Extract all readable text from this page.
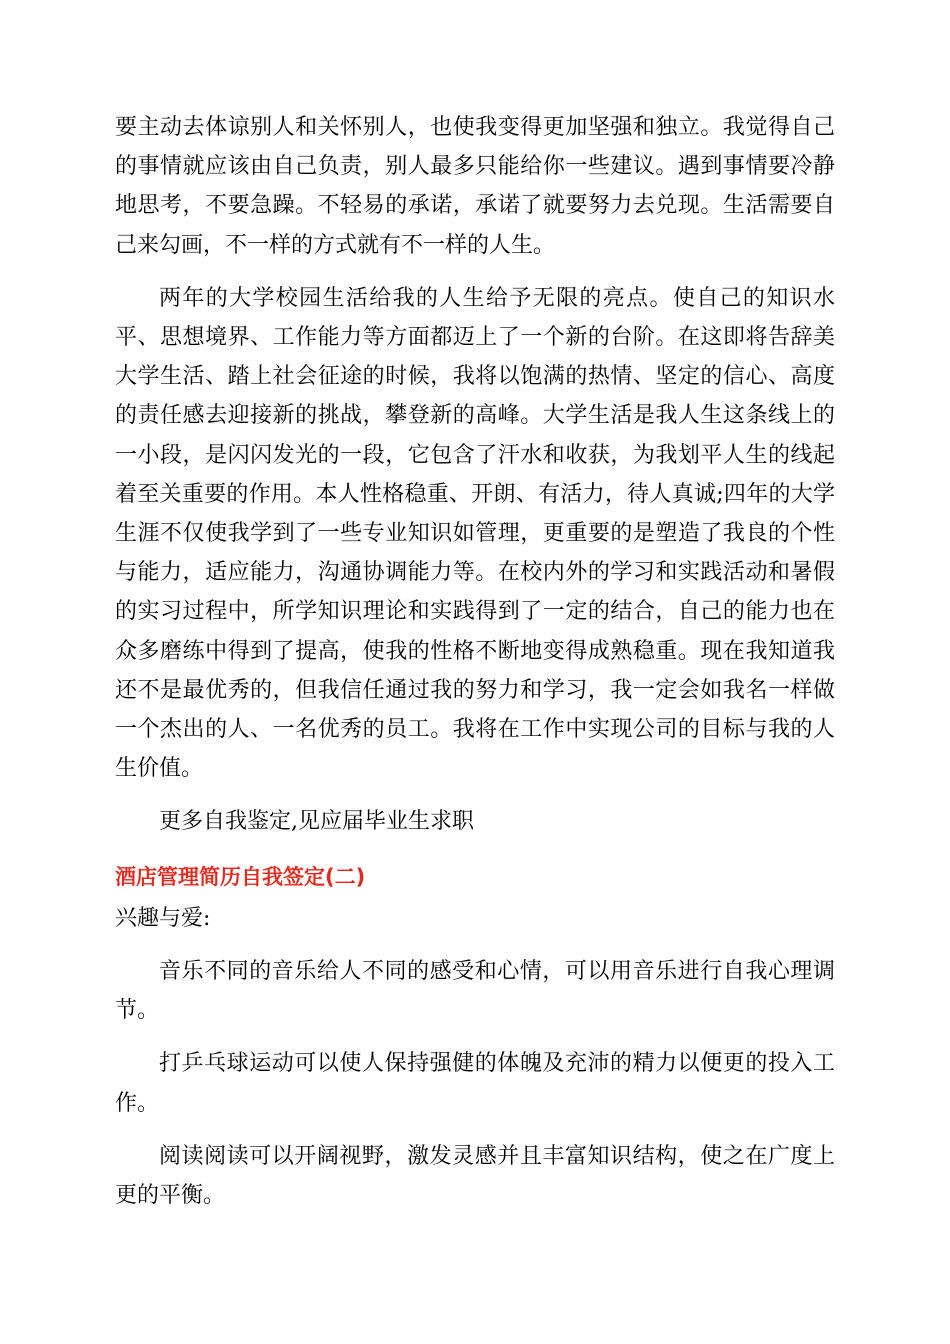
要主动去体谅别人和关怀别人，也使我变得更加坚强和独立。我觉得自己的事情就应该由自己负责，别人最多只能给你一些建议。遇到事情要冷静地思考，不要急躁。不轻易的承诺，承诺了就要努力去兑现。生活需要自己来勾画，不一样的方式就有不一样的人生。

两年的大学校园生活给我的人生给予无限的亮点。使自己的知识水平、思想境界、工作能力等方面都迈上了一个新的台阶。在这即将告辞美大学生活、踏上社会征途的时候，我将以饱满的热情、坚定的信心、高度的责任感去迎接新的挑战，攀登新的高峰。大学生活是我人生这条线上的一小段，是闪闪发光的一段，它包含了汗水和收获，为我划平人生的线起着至关重要的作用。本人性格稳重、开朗、有活力，待人真诚;四年的大学生涯不仅使我学到了一些专业知识如管理，更重要的是塑造了我良的个性与能力，适应能力，沟通协调能力等。在校内外的学习和实践活动和暑假的实习过程中，所学知识理论和实践得到了一定的结合，自己的能力也在众多磨练中得到了提高，使我的性格不断地变得成熟稳重。现在我知道我还不是最优秀的，但我信任通过我的努力和学习，我一定会如我名一样做一个杰出的人、一名优秀的员工。我将在工作中实现公司的目标与我的人生价值。

更多自我鉴定,见应届毕业生求职

酒店管理简历自我签定(二)

兴趣与爱:

音乐不同的音乐给人不同的感受和心情，可以用音乐进行自我心理调节。

打乒乓球运动可以使人保持强健的体魄及充沛的精力以便更的投入工作。

阅读阅读可以开阔视野，激发灵感并且丰富知识结构，使之在广度上更的平衡。
